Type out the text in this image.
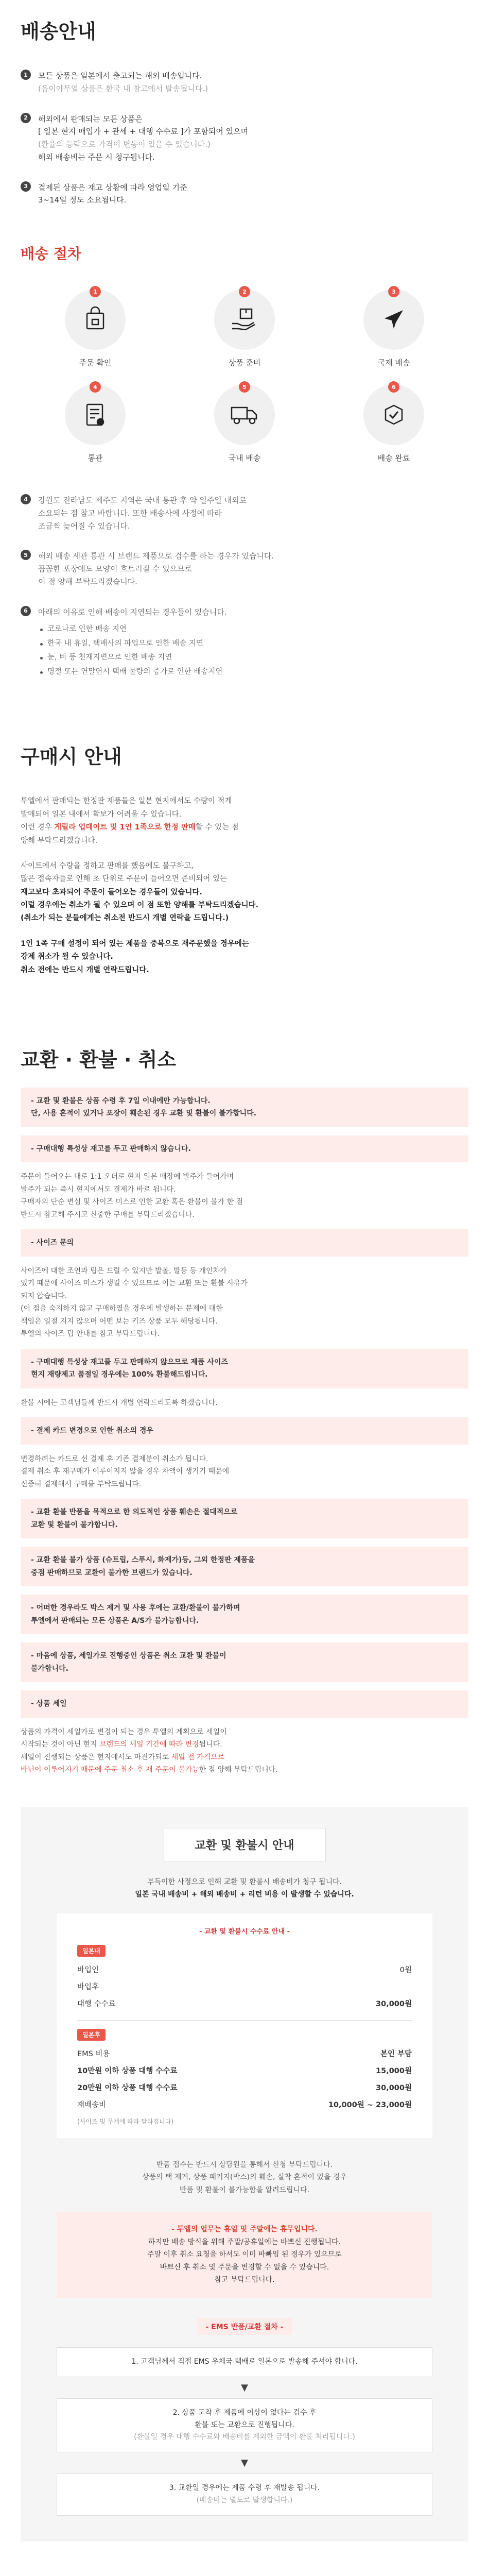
배송안내
1	모든 상품은 일본에서 출고되는 해외 배송입니다.
(음이야무열 상품은 한국 내 창고에서 발송됩니다.)

2	해외에서 판매되는 모든 상품은
[ 일본 현지 매입가 + 관세 + 대행 수수료 ]가 포함되어 있으며
(환율의 등락으로 가격이 변동이 있을 수 있습니다.)
해외 배송비는 주문 시 청구됩니다.

3	결제된 상품은 재고 상황에 따라 영업일 기준
3~14일 정도 소요됩니다.

배송 절차
1
주문 확인
2
상품 준비
3
국제 배송
4
통관
5
국내 배송
6
배송 완료
4	강원도 전라남도 제주도 지역은 국내 통관 후 약 일주일 내외로
소요되는 점 참고 바랍니다. 또한 배송사에 사정에 따라
조금씩 늦어질 수 있습니다.

5	해외 배송 세관 통관 시 브랜드 제품으로 검수를 하는 경우가 있습니다.
꼼꼼한 포장에도 모양이 흐트러질 수 있으므로
이 점 양해 부탁드리겠습니다.

6	아래의 이유로 인해 배송이 지연되는 경우들이 있습니다.

코로나로 인한 배송 지연
한국 내 휴일, 택배사의 파업으로 인한 배송 지연
눈, 비 등 천재지변으로 인한 배송 지연
명절 또는 연말연시 택배 물량의 증가로 인한 배송지연
구매시 안내

투엘에서 판매되는 한정판 제품들은 일본 현지에서도 수량이 적게
발매되어 일본 내에서 확보가 어려울 수 있습니다.
이런 경우 게릴라 업데이트 및 1인 1족으로 한정 판매할 수 있는 점
양해 부탁드리겠습니다.

사이트에서 수량을 정하고 판매를 했음에도 불구하고,
많은 접속자들로 인해 초 단위로 주문이 들어오면 준비되어 있는
재고보다 초과되어 주문이 들어오는 경우들이 있습니다.
이럴 경우에는 취소가 될 수 있으며 이 점 또한 양해를 부탁드리겠습니다.
(취소가 되는 분들에게는 취소전 반드시 개별 연락을 드립니다.)

1인 1족 구매 설정이 되어 있는 제품을 중복으로 재주문했을 경우에는
강제 취소가 될 수 있습니다.
취소 전에는 반드시 개별 연락드립니다.

교환 · 환불 · 취소
- 교환 및 환불은 상품 수령 후 7일 이내에만 가능합니다.
단, 사용 흔적이 있거나 포장이 훼손된 경우 교환 및 환불이 불가합니다.
- 구매대행 특성상 재고를 두고 판매하지 않습니다.

주문이 들어오는 대로 1:1 오더로 현지 일본 매장에 발주가 들어가며
발주가 되는 즉시 현지에서도 결제가 바로 됩니다.
구매자의 단순 변심 및 사이즈 미스로 인한 교환 혹은 환불이 불가 한 점
반드시 참고해 주시고 신중한 구매를 부탁드리겠습니다.

- 사이즈 문의

사이즈에 대한 조언과 팁은 드릴 수 있지만 발볼, 발등 등 개인차가
있기 때문에 사이즈 미스가 생길 수 있으므로 이는 교환 또는 환불 사유가
되지 않습니다.
(이 점을 숙지하지 않고 구매하였을 경우에 발생하는 문제에 대한
책임은 일절 지지 않으며 어떤 보는 키즈 상품 모두 해당됩니다.
투엘의 사이즈 팁 안내를 참고 부탁드립니다.

- 구매대행 특성상 재고를 두고 판매하지 않으므로 제품 사이즈
현지 재량제고 품절일 경우에는 100% 환불해드립니다.

환불 시에는 고객님들께 반드시 개별 연락드리도록 하겠습니다.

- 결제 카드 변경으로 인한 취소의 경우

변경하려는 카드로 선 결제 후 기존 결제분이 취소가 됩니다.
결제 취소 후 재구매가 이루어지지 않을 경우 차액이 생기기 때문에
신중히 결제해서 구매를 부탁드립니다.

- 교환 환불 반품을 목적으로 한 의도적인 상품 훼손은 절대적으로
교환 및 환불이 불가합니다.
- 교환 환불 불가 상품 (슈트립, 스푸시, 화제가)등, 그외 한정판 제품을
중점 판매하므로 교환이 불가한 브랜드가 있습니다.
- 어떠한 경우라도 박스 제거 및 사용 후에는 교환/환불이 불가하며
투엘에서 판매되는 모든 상품은 A/S가 불가능합니다.
- 마음에 상품, 세일가로 진행중인 상품은 취소 교환 및 환불이
불가합니다.
- 상품 세일

상품의 가격이 세일가로 변경이 되는 경우 투엘의 계획으로 세일이
시작되는 것이 아닌 현지 브랜드의 세일 기간에 따라 변경됩니다.
세일이 진행되는 상품은 현지에서도 마진가되로 세일 전 가격으로
바닌이 이루어지기 때문에 주문 취소 후 재 주문이 불가능한 점 양해 부탁드립니다.

교환 및 환불시 안내

부득이한 사정으로 인해 교환 및 환불시 배송비가 청구 됩니다.
일본 국내 배송비 + 해외 배송비 + 리턴 비용 이 발생할 수 있습니다.

- 교환 및 환불시 수수료 안내 -
일본내
바입인	0원
바입후
대행 수수료	30,000원
일본후
EMS 비용	본인 부담
10만원 이하 상품 대행 수수료	15,000원
20만원 이하 상품 대행 수수료	30,000원
재배송비	10,000원 ~ 23,000원
(사이즈 및 무게에 따라 달라집니다)

반품 접수는 반드시 상담원을 통해서 신청 부탁드립니다.
상품의 택 제거, 상품 패키지(박스)의 훼손, 실착 흔적이 있을 경우
반품 및 환불이 불가능함을 알려드립니다.

- 투엘의 업무는 휴일 및 주말에는 휴무입니다.
하지만 배송 방식을 위해 주말/공휴일에는 바쁘신 진행됩니다.
주말 이후 취소 요청을 하셔도 이미 바빠임 된 경우가 있으므로
바쁘신 후 취소 및 주문을 변경할 수 없을 수 있습니다.
참고 부탁드립니다.
- EMS 반품/교환 절차 -
1. 고객님께서 직접 EMS 우체국 택배로 일본으로 발송해 주셔야 합니다.
▼
2. 상품 도착 후 제품에 이상이 없다는 검수 후
환불 또는 교환으로 진행됩니다.
(환불일 경우 대행 수수료와 배송비를 제외한 금액이 환불 처리됩니다.)
▼
3. 교환일 경우에는 제품 수령 후 재발송 됩니다.
(배송비는 별도로 발생합니다.)
